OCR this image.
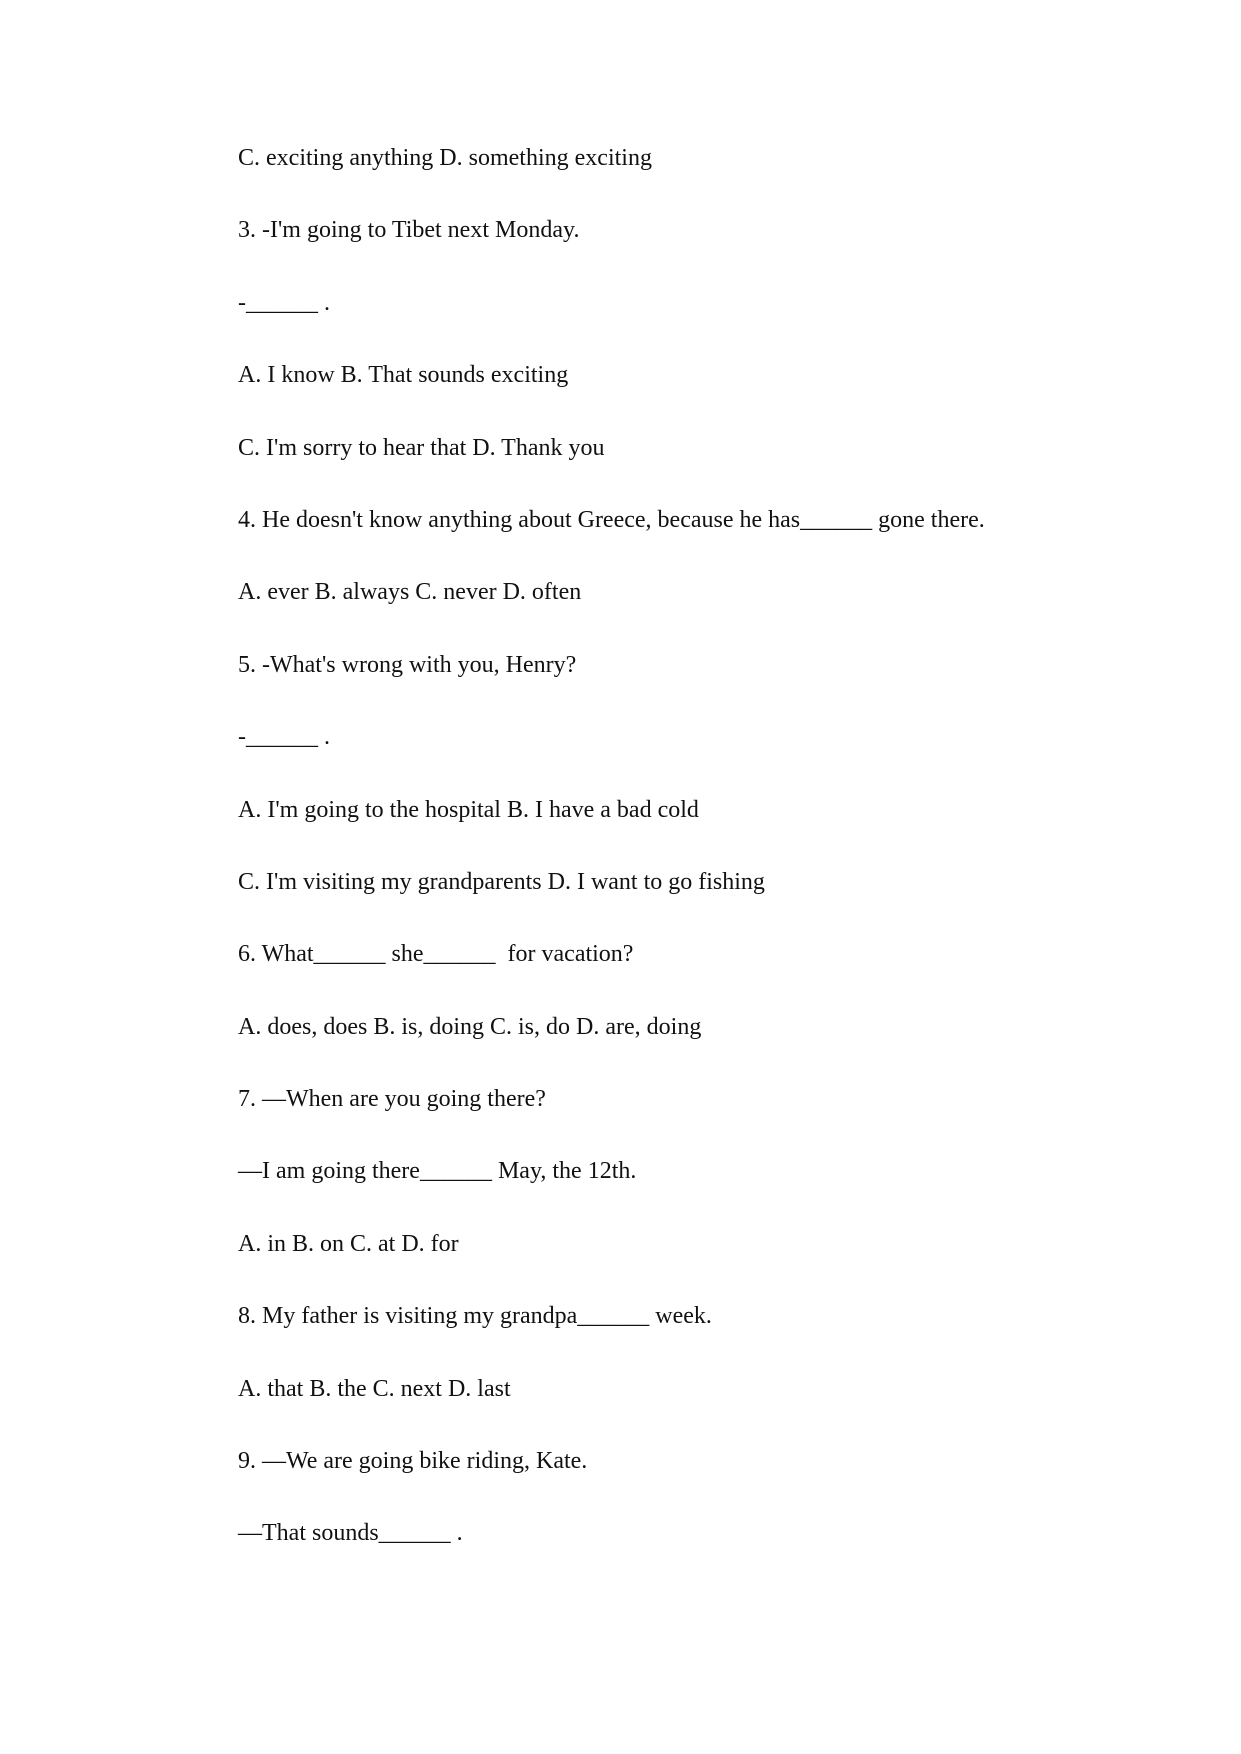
C. exciting anything D. something exciting

3. -I'm going to Tibet next Monday.

-______ .

A. I know B. That sounds exciting

C. I'm sorry to hear that D. Thank you

4. He doesn't know anything about Greece, because he has______ gone there.

A. ever B. always C. never D. often

5. -What's wrong with you, Henry?

-______ .

A. I'm going to the hospital B. I have a bad cold

C. I'm visiting my grandparents D. I want to go fishing

6. What______ she______  for vacation?

A. does, does B. is, doing C. is, do D. are, doing

7. —When are you going there?

—I am going there______ May, the 12th.

A. in B. on C. at D. for

8. My father is visiting my grandpa______ week.

A. that B. the C. next D. last

9. —We are going bike riding, Kate.

—That sounds______ .
